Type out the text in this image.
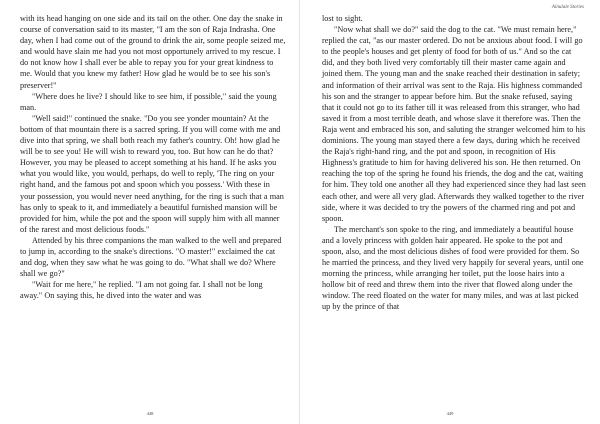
with its head hanging on one side and its tail on the other. One day the snake in course of conversation said to its master, "I am the son of Raja Indrasha. One day, when I had come out of the ground to drink the air, some people seized me, and would have slain me had you not most opportunely arrived to my rescue. I do not know how I shall ever be able to repay you for your great kindness to me. Would that you knew my father! How glad he would be to see his son's preserver!"

"Where does he live? I should like to see him, if possible," said the young man.

"Well said!" continued the snake. "Do you see yonder mountain? At the bottom of that mountain there is a sacred spring. If you will come with me and dive into that spring, we shall both reach my father's country. Oh! how glad he will be to see you! He will wish to reward you, too. But how can he do that? However, you may be pleased to accept something at his hand. If he asks you what you would like, you would, perhaps, do well to reply, 'The ring on your right hand, and the famous pot and spoon which you possess.' With these in your possession, you would never need anything, for the ring is such that a man has only to speak to it, and immediately a beautiful furnished mansion will be provided for him, while the pot and the spoon will supply him with all manner of the rarest and most delicious foods."

Attended by his three companions the man walked to the well and prepared to jump in, according to the snake's directions. "O master!" exclaimed the cat and dog, when they saw what he was going to do. "What shall we do? Where shall we go?"

"Wait for me here," he replied. "I am not going far. I shall not be long away." On saying this, he dived into the water and was

448
Ainulale Stories

lost to sight.

"Now what shall we do?" said the dog to the cat. "We must remain here," replied the cat, "as our master ordered. Do not be anxious about food. I will go to the people's houses and get plenty of food for both of us." And so the cat did, and they both lived very comfortably till their master came again and joined them. The young man and the snake reached their destination in safety; and information of their arrival was sent to the Raja. His highness commanded his son and the stranger to appear before him. But the snake refused, saying that it could not go to its father till it was released from this stranger, who had saved it from a most terrible death, and whose slave it therefore was. Then the Raja went and embraced his son, and saluting the stranger welcomed him to his dominions. The young man stayed there a few days, during which he received the Raja's right-hand ring, and the pot and spoon, in recognition of His Highness's gratitude to him for having delivered his son. He then returned. On reaching the top of the spring he found his friends, the dog and the cat, waiting for him. They told one another all they had experienced since they had last seen each other, and were all very glad. Afterwards they walked together to the river side, where it was decided to try the powers of the charmed ring and pot and spoon.

The merchant's son spoke to the ring, and immediately a beautiful house and a lovely princess with golden hair appeared. He spoke to the pot and spoon, also, and the most delicious dishes of food were provided for them. So he married the princess, and they lived very happily for several years, until one morning the princess, while arranging her toilet, put the loose hairs into a hollow bit of reed and threw them into the river that flowed along under the window. The reed floated on the water for many miles, and was at last picked up by the prince of that

449
